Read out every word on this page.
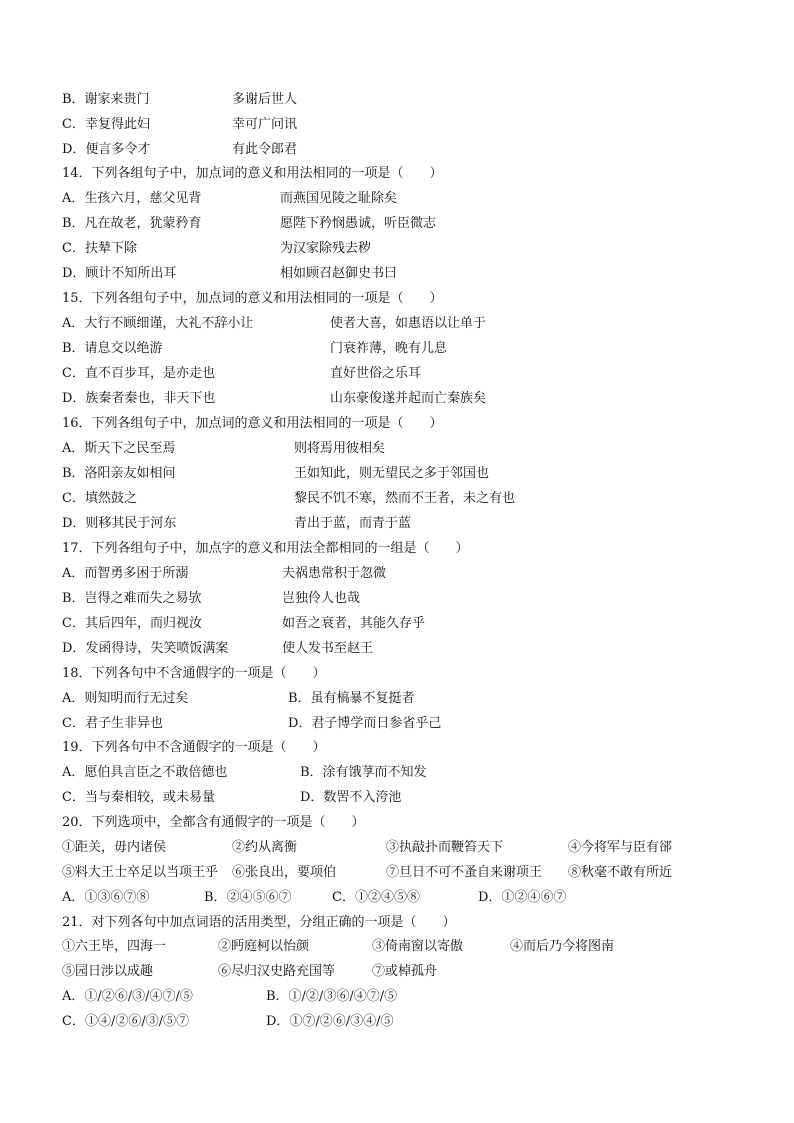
B．谢家来贵门	多谢后世人
C．幸复得此妇	幸可广问讯
D．便言多令才	有此令郎君
14．下列各组句子中，加点词的意义和用法相同的一项是（　　）
A．生孩六月，慈父见背	而燕国见陵之耻除矣
B．凡在故老，犹蒙矜育	愿陛下矜悯愚诚，听臣微志
C．扶辇下除	为汉家除残去秽
D．顾计不知所出耳	相如顾召赵御史书曰
15．下列各组句子中，加点词的意义和用法相同的一项是（　　）
A．大行不顾细谨，大礼不辞小让	使者大喜，如惠语以让单于
B．请息交以绝游	门衰祚薄，晚有儿息
C．直不百步耳，是亦走也	直好世俗之乐耳
D．族秦者秦也，非天下也	山东豪俊遂并起而亡秦族矣
16．下列各组句子中，加点词的意义和用法相同的一项是（　　）
A．斯天下之民至焉	则将焉用彼相矣
B．洛阳亲友如相问	王如知此，则无望民之多于邻国也
C．填然鼓之	黎民不饥不寒，然而不王者，未之有也
D．则移其民于河东	青出于蓝，而青于蓝
17．下列各组句子中，加点字的意义和用法全都相同的一组是（　　）
A．而智勇多困于所溺	夫祸患常积于忽微
B．岂得之难而失之易欤	岂独伶人也哉
C．其后四年，而归视汝	如吾之衰者，其能久存乎
D．发函得诗，失笑喷饭满案	使人发书至赵王
18．下列各句中不含通假字的一项是（　　）
A．则知明而行无过矣	B．虽有槁暴不复挺者
C．君子生非异也	D．君子博学而日参省乎己
19．下列各句中不含通假字的一项是（　　）
A．愿伯具言臣之不敢倍德也	B．涂有饿莩而不知发
C．当与秦相较，或未易量	D．数罟不入洿池
20．下列选项中，全都含有通假字的一项是（　　）
①距关，毋内诸侯	②约从离衡	③执敲扑而鞭笞天下	④今将军与臣有郤
⑤料大王士卒足以当项王乎 ⑥张良出，要项伯	⑦旦日不可不蚤自来谢项王 ⑧秋毫不敢有所近
A．①③⑥⑦⑧	B．②④⑤⑥⑦	C．①②④⑤⑧	D．①②④⑥⑦
21．对下列各句中加点词语的活用类型，分组正确的一项是（　　）
①六王毕，四海一	②眄庭柯以怡颜	③倚南窗以寄傲	④而后乃今将图南
⑤园日涉以成趣	⑥尽归汉史路充国等	⑦或棹孤舟
A．①/②⑥/③/④⑦/⑤	B．①/②/③⑥/④⑦/⑤
C．①④/②⑥/③/⑤⑦	D．①⑦/②⑥/③④/⑤
